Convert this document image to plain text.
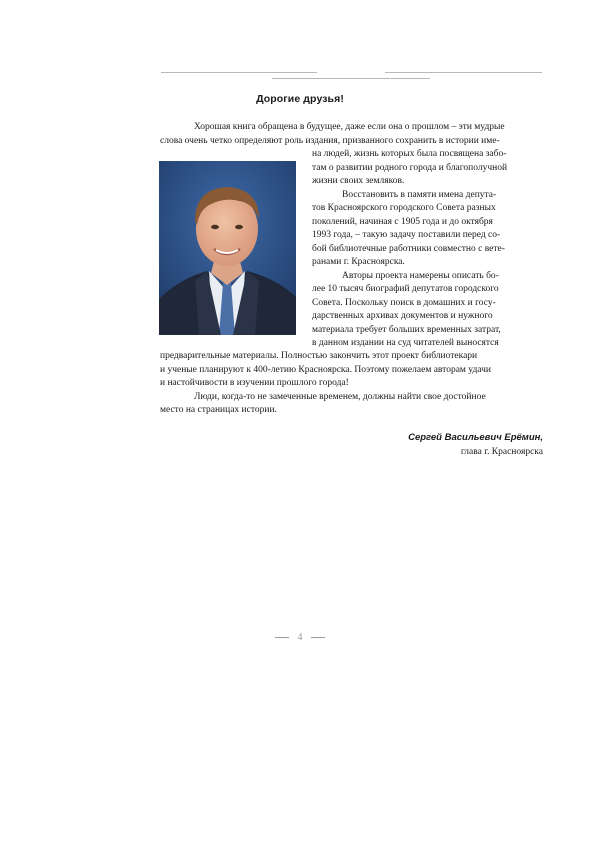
Дорогие друзья!
Хорошая книга обращена в будущее, даже если она о прошлом – эти мудрые
слова очень четко определяют роль издания, призванного сохранить в истории име-
на людей, жизнь которых была посвящена забо-
там о развитии родного города и благополучной
жизни своих земляков.
Восстановить в памяти имена депута-
тов Красноярского городского Совета разных
поколений, начиная с 1905 года и до октября
1993 года, – такую задачу поставили перед со-
бой библиотечные работники совместно с вете-
ранами г. Красноярска.
Авторы проекта намерены описать бо-
лее 10 тысяч биографий депутатов городского
Совета. Поскольку поиск в домашних и госу-
дарственных архивах документов и нужного
материала требует больших временных затрат,
в данном издании на суд читателей выносятся
предварительные материалы. Полностью закончить этот проект библиотекари
и ученые планируют к 400-летию Красноярска. Поэтому пожелаем авторам удачи
и настойчивости в изучении прошлого города!
Люди, когда-то не замеченные временем, должны найти свое достойное
место на страницах истории.
Сергей Васильевич Ерёмин,
глава г. Красноярска
4
